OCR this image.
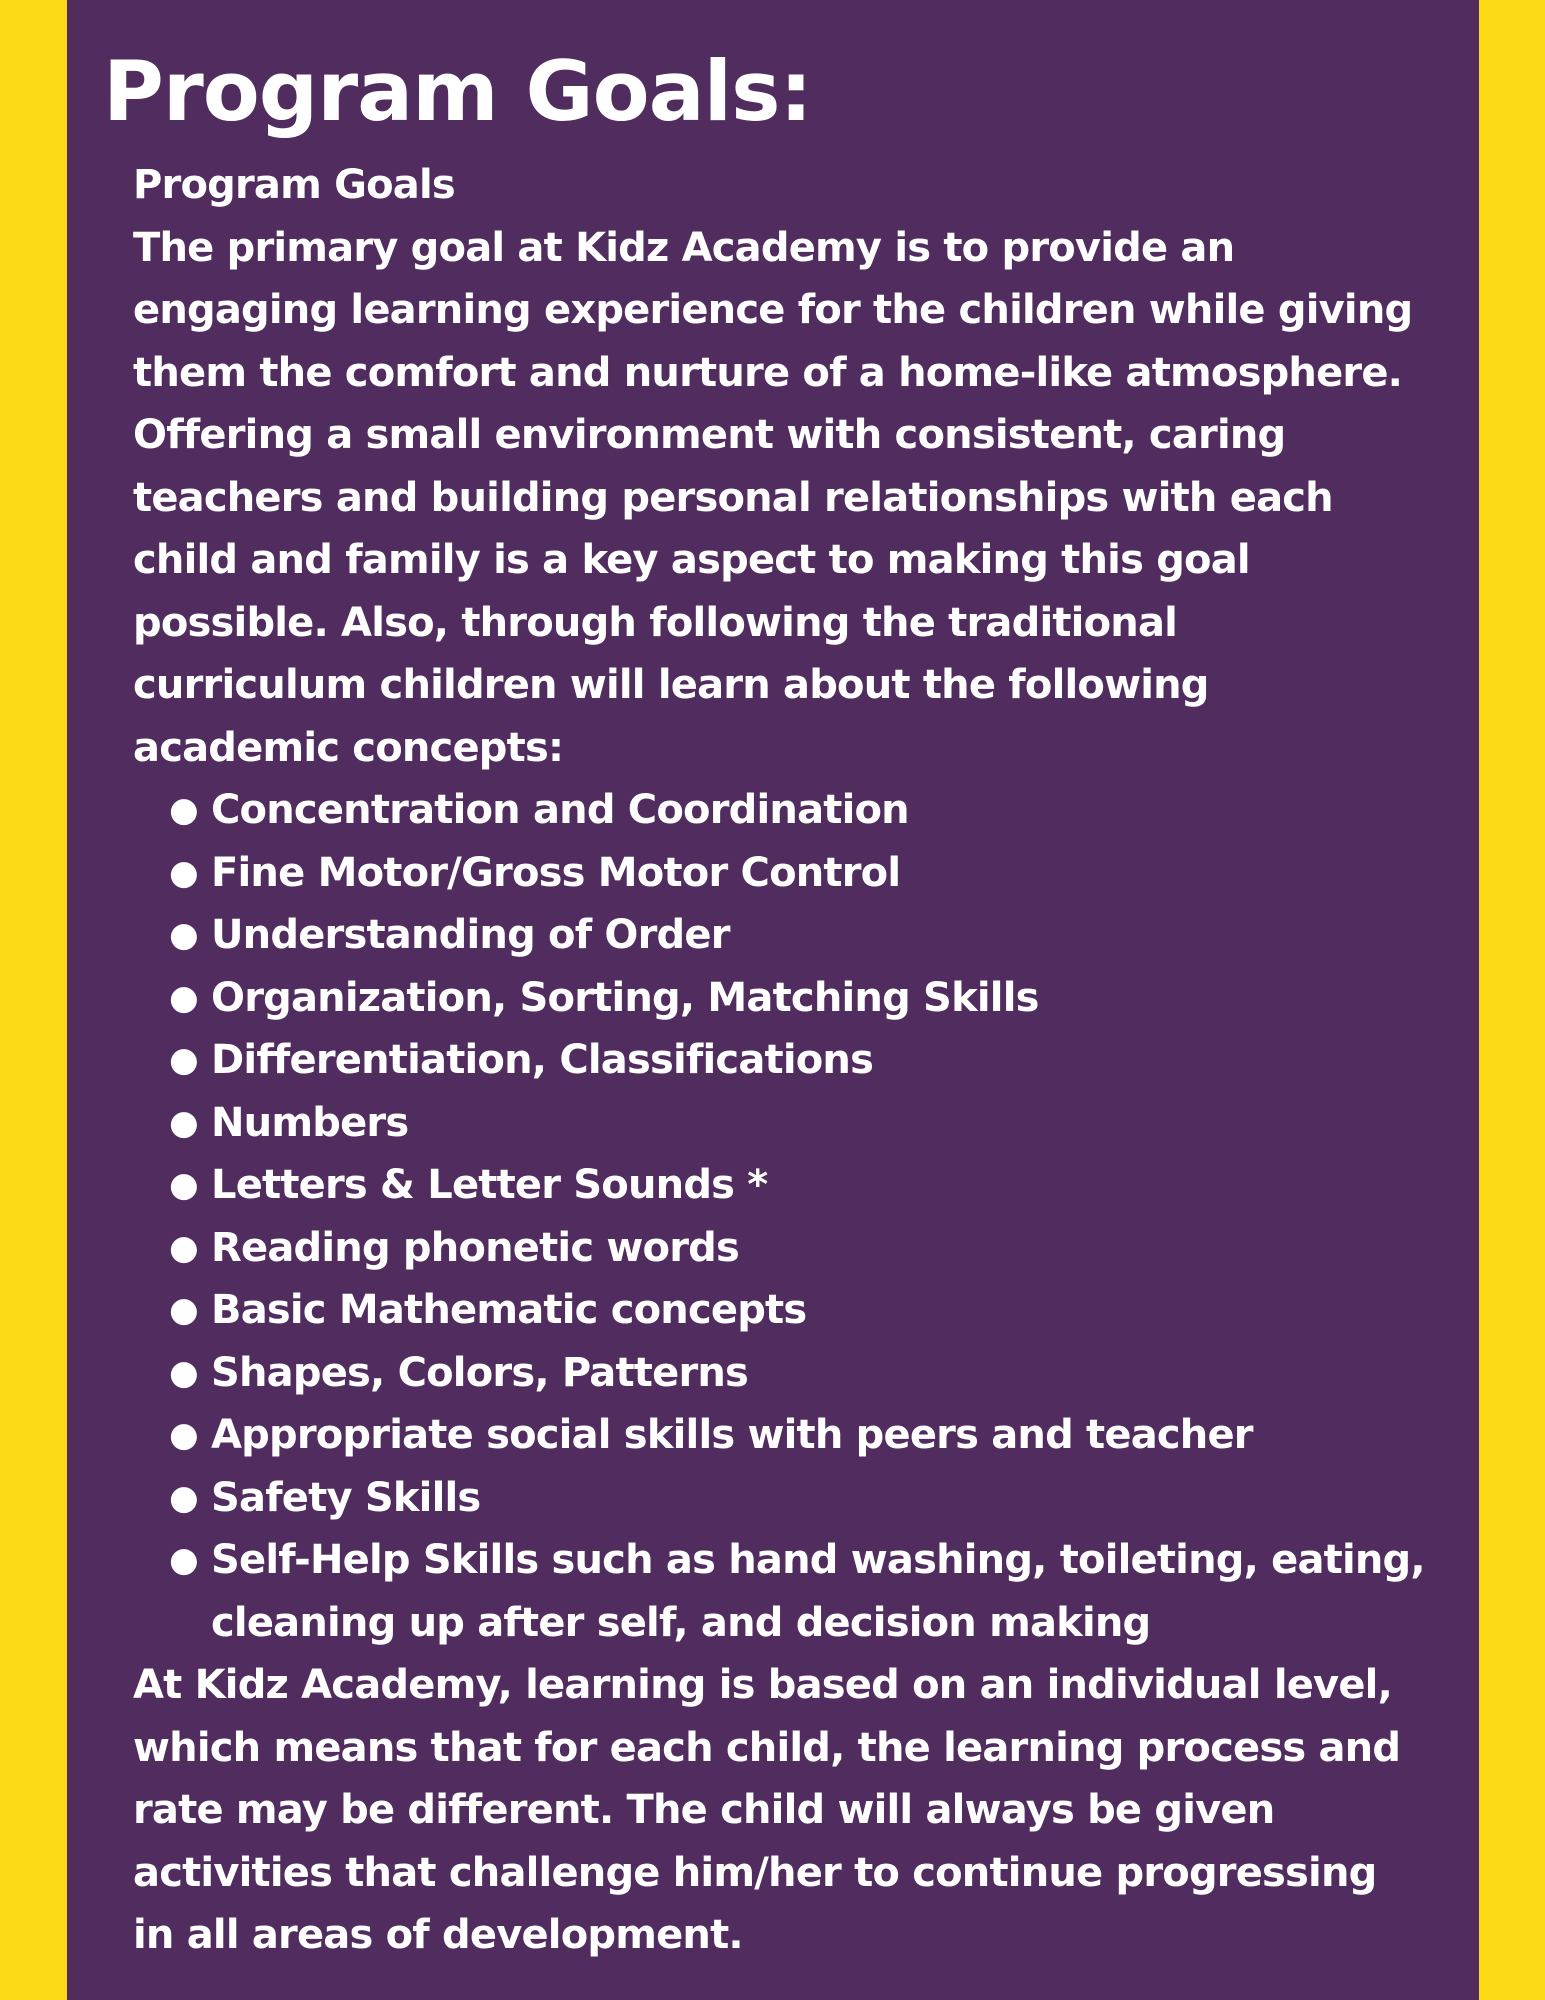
Program Goals:

Program Goals

The primary goal at Kidz Academy is to provide an
engaging learning experience for the children while giving
them the comfort and nurture of a home-like atmosphere.
Offering a small environment with consistent, caring
teachers and building personal relationships with each
child and family is a key aspect to making this goal
possible. Also, through following the traditional
curriculum children will learn about the following
academic concepts:

● Concentration and Coordination
● Fine Motor/Gross Motor Control
● Understanding of Order
● Organization, Sorting, Matching Skills
● Differentiation, Classifications
● Numbers
● Letters & Letter Sounds *
● Reading phonetic words
● Basic Mathematic concepts
● Shapes, Colors, Patterns
● Appropriate social skills with peers and teacher
● Safety Skills
● Self-Help Skills such as hand washing, toileting, eating,
cleaning up after self, and decision making

At Kidz Academy, learning is based on an individual level,
which means that for each child, the learning process and
rate may be different. The child will always be given
activities that challenge him/her to continue progressing
in all areas of development.
